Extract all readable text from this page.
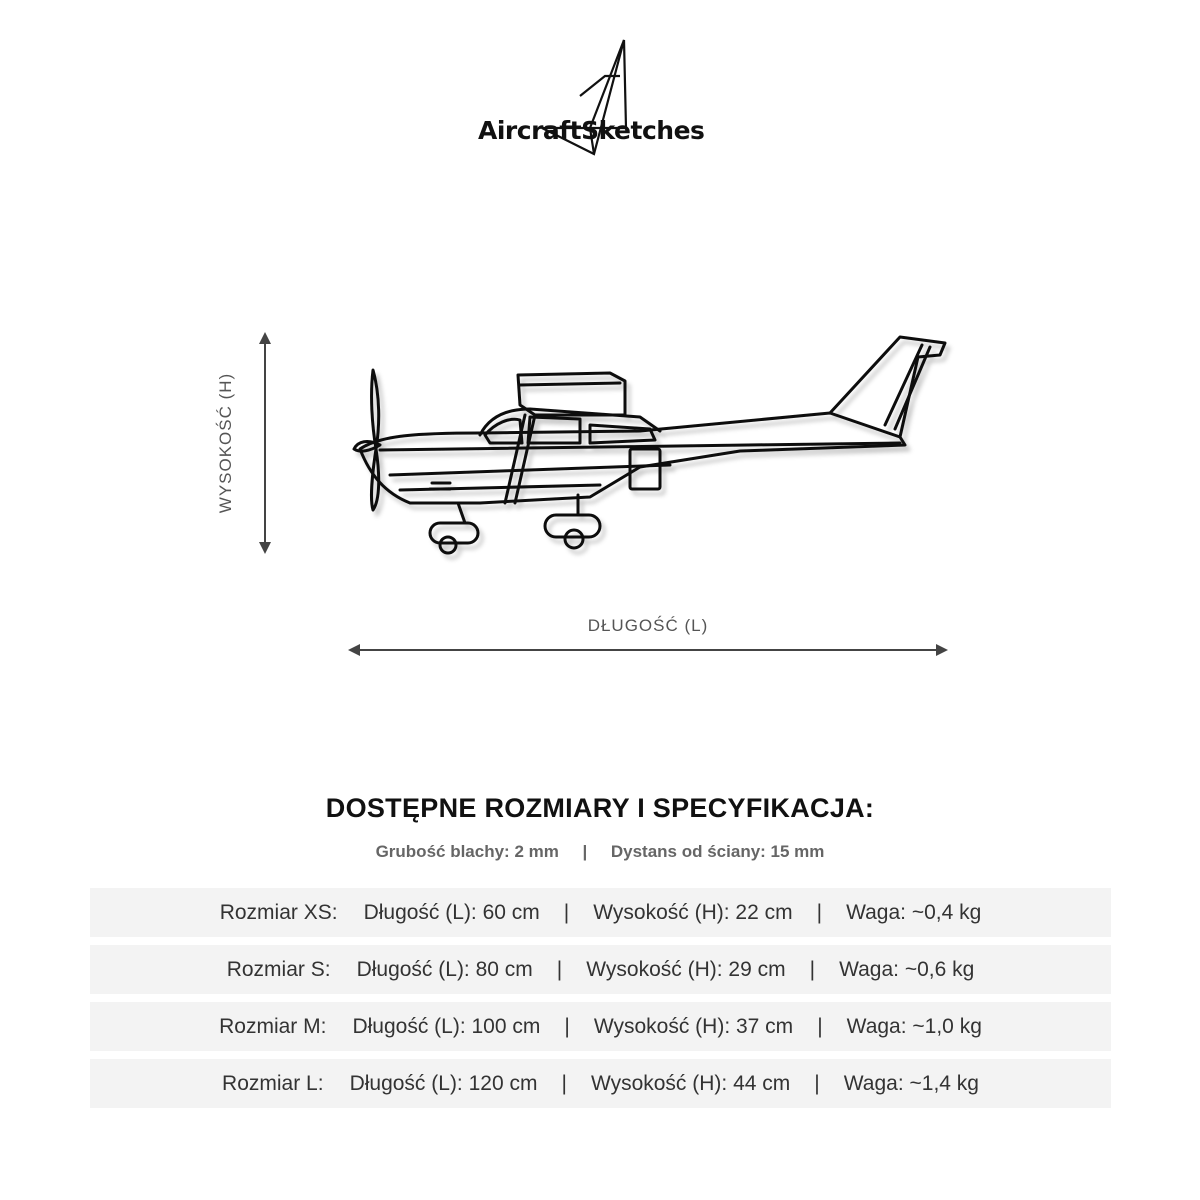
AircraftSketches
WYSOKOŚĆ (H)
DŁUGOŚĆ (L)
DOSTĘPNE ROZMIARY I SPECYFIKACJA:
Grubość blachy: 2 mm | Dystans od ściany: 15 mm
Rozmiar XS:	Długość (L): 60 cm	|	Wysokość (H): 22 cm	|	Waga: ~0,4 kg
Rozmiar S:	Długość (L): 80 cm	|	Wysokość (H): 29 cm	|	Waga: ~0,6 kg
Rozmiar M:	Długość (L): 100 cm	|	Wysokość (H): 37 cm	|	Waga: ~1,0 kg
Rozmiar L:	Długość (L): 120 cm	|	Wysokość (H): 44 cm	|	Waga: ~1,4 kg
